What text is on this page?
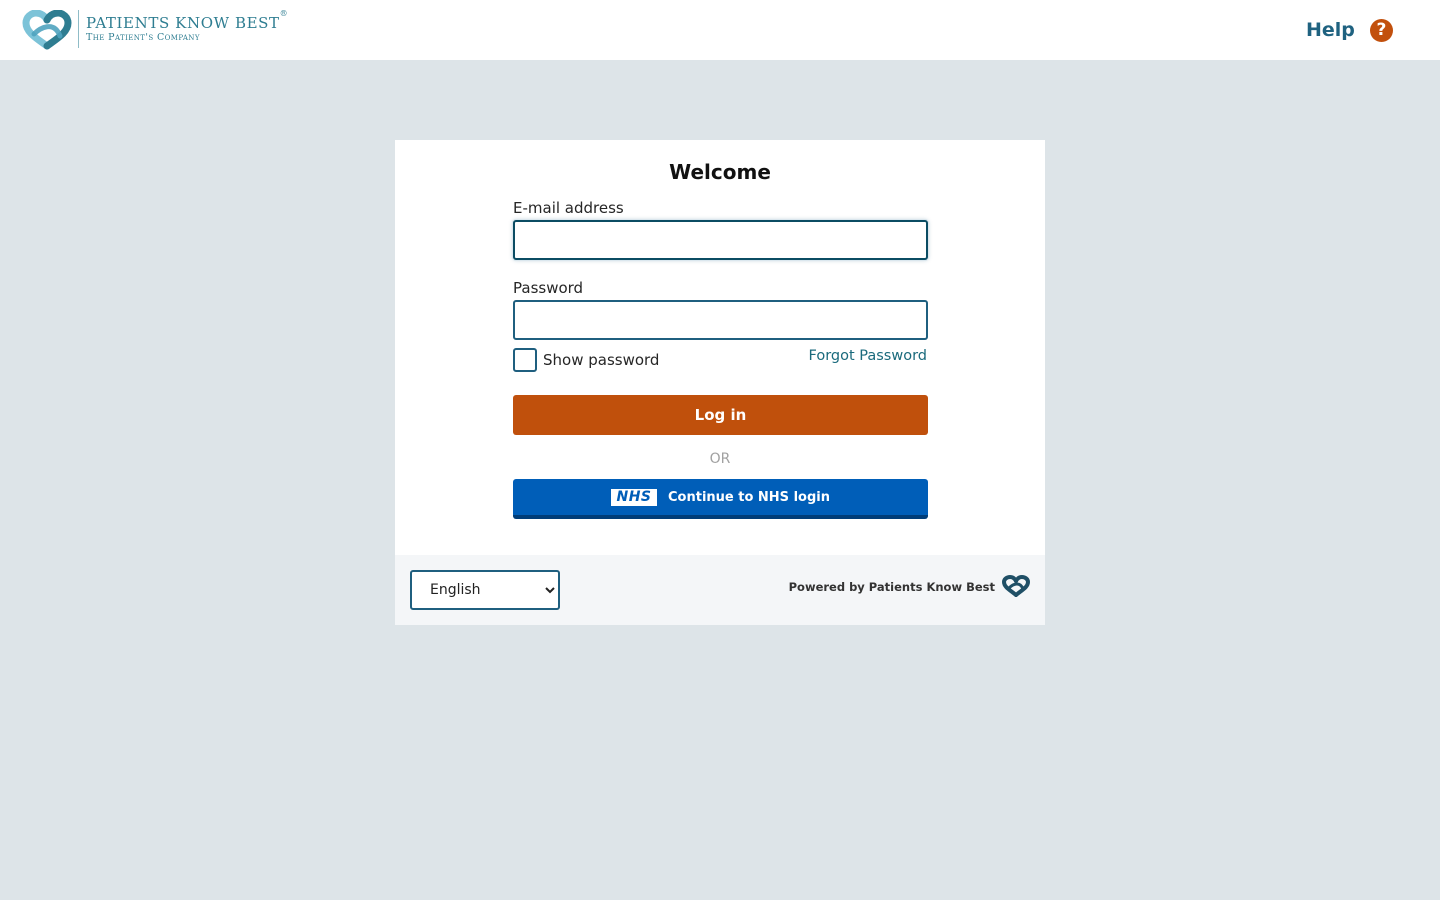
PATIENTS KNOW BEST®
The Patient's Company	Help	?
Welcome
E-mail address
Password
Show password	Forgot Password
Log in
OR
NHS	Continue to NHS login
English
Powered by Patients Know Best
